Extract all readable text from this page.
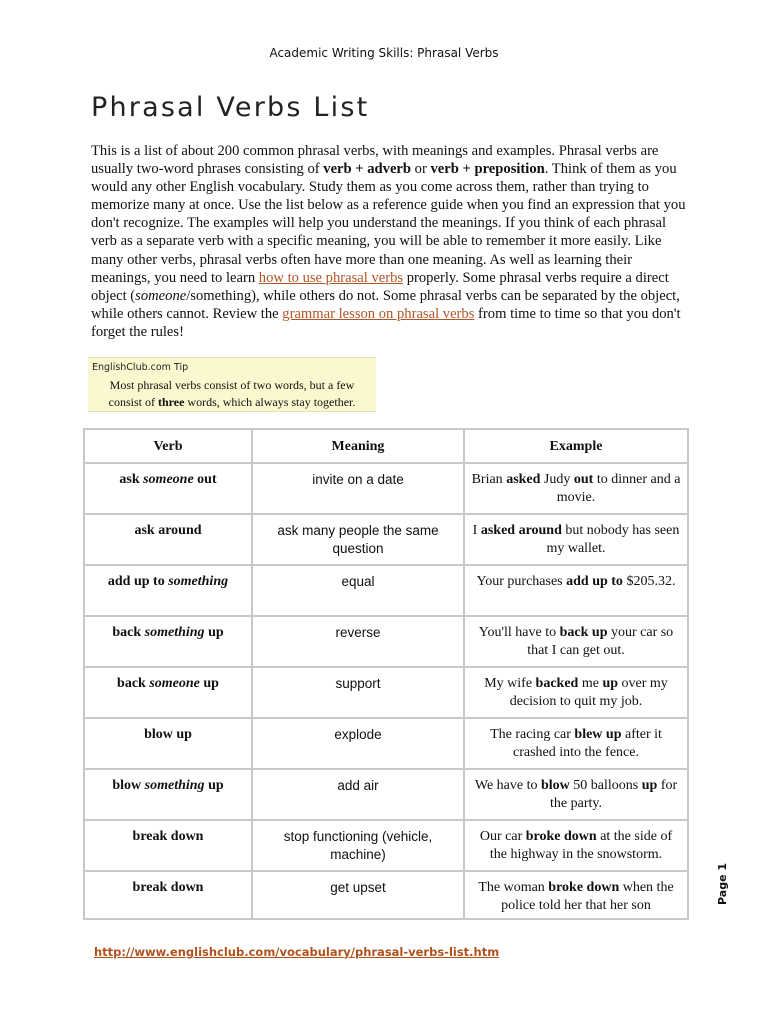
Academic Writing Skills: Phrasal Verbs
Phrasal Verbs List

This is a list of about 200 common phrasal verbs, with meanings and examples. Phrasal verbs are usually two-word phrases consisting of verb + adverb or verb + preposition. Think of them as you would any other English vocabulary. Study them as you come across them, rather than trying to memorize many at once. Use the list below as a reference guide when you find an expression that you don't recognize. The examples will help you understand the meanings. If you think of each phrasal verb as a separate verb with a specific meaning, you will be able to remember it more easily. Like many other verbs, phrasal verbs often have more than one meaning. As well as learning their meanings, you need to learn how to use phrasal verbs properly. Some phrasal verbs require a direct object (someone/something), while others do not. Some phrasal verbs can be separated by the object, while others cannot. Review the grammar lesson on phrasal verbs from time to time so that you don't forget the rules!

EnglishClub.com Tip
Most phrasal verbs consist of two words, but a few
consist of three words, which always stay together.
Verb	Meaning	Example
ask someone out	invite on a date	Brian asked Judy out to dinner and a movie.
ask around	ask many people the same question	I asked around but nobody has seen my wallet.
add up to something	equal	Your purchases add up to $205.32.
back something up	reverse	You'll have to back up your car so that I can get out.
back someone up	support	My wife backed me up over my decision to quit my job.
blow up	explode	The racing car blew up after it crashed into the fence.
blow something up	add air	We have to blow 50 balloons up for the party.
break down	stop functioning (vehicle, machine)	Our car broke down at the side of the highway in the snowstorm.
break down	get upset	The woman broke down when the police told her that her son
Page 1
http://www.englishclub.com/vocabulary/phrasal-verbs-list.htm
